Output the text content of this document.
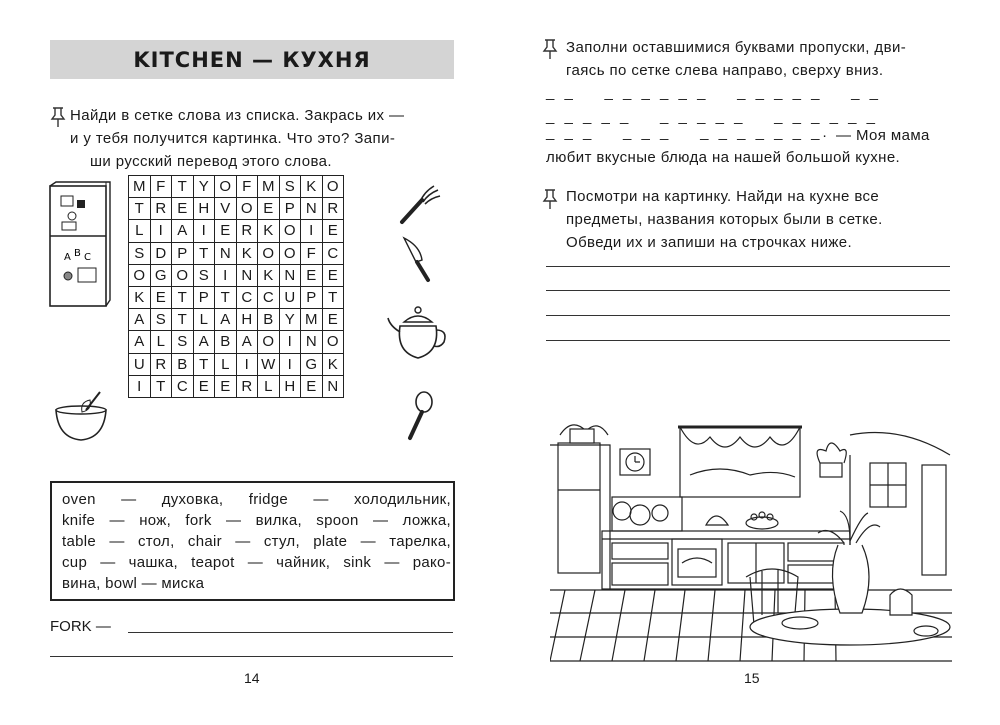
KITCHEN — КУХНЯ
Найди в сетке слова из списка. Закрась их —
и у тебя получится картинка. Что это? Запи-
ши русский перевод этого слова.
A B C
M	F	T	Y	O	F	M	S	K	O
T	R	E	H	V	O	E	P	N	R
L	I	A	I	E	R	K	O	I	E
S	D	P	T	N	K	O	O	F	C
O	G	O	S	I	N	K	N	E	E
K	E	T	P	T	C	C	U	P	T
A	S	T	L	A	H	B	Y	M	E
A	L	S	A	B	A	O	I	N	O
U	R	B	T	L	I	W	I	G	K
I	T	C	E	E	R	L	H	E	N
oven — духовка, fridge — холодильник,
knife — нож, fork — вилка, spoon — ложка,
table — стол, chair — стул, plate — тарелка,
cup — чашка, teapot — чайник, sink — рако-
вина, bowl — миска
FORK —
14
Заполни оставшимися буквами пропуски, дви-
гаясь по сетке слева направо, сверху вниз.
_ _    _ _ _ _ _ _    _ _ _ _ _    _ _
_ _ _ _ _    _ _ _ _ _    _ _ _ _ _ _
_ _ _    _ _ _    _ _ _ _ _ _ _. — Моя мама
любит вкусные блюда на нашей большой кухне.
Посмотри на картинку. Найди на кухне все
предметы, названия которых были в сетке.
Обведи их и запиши на строчках ниже.
15
